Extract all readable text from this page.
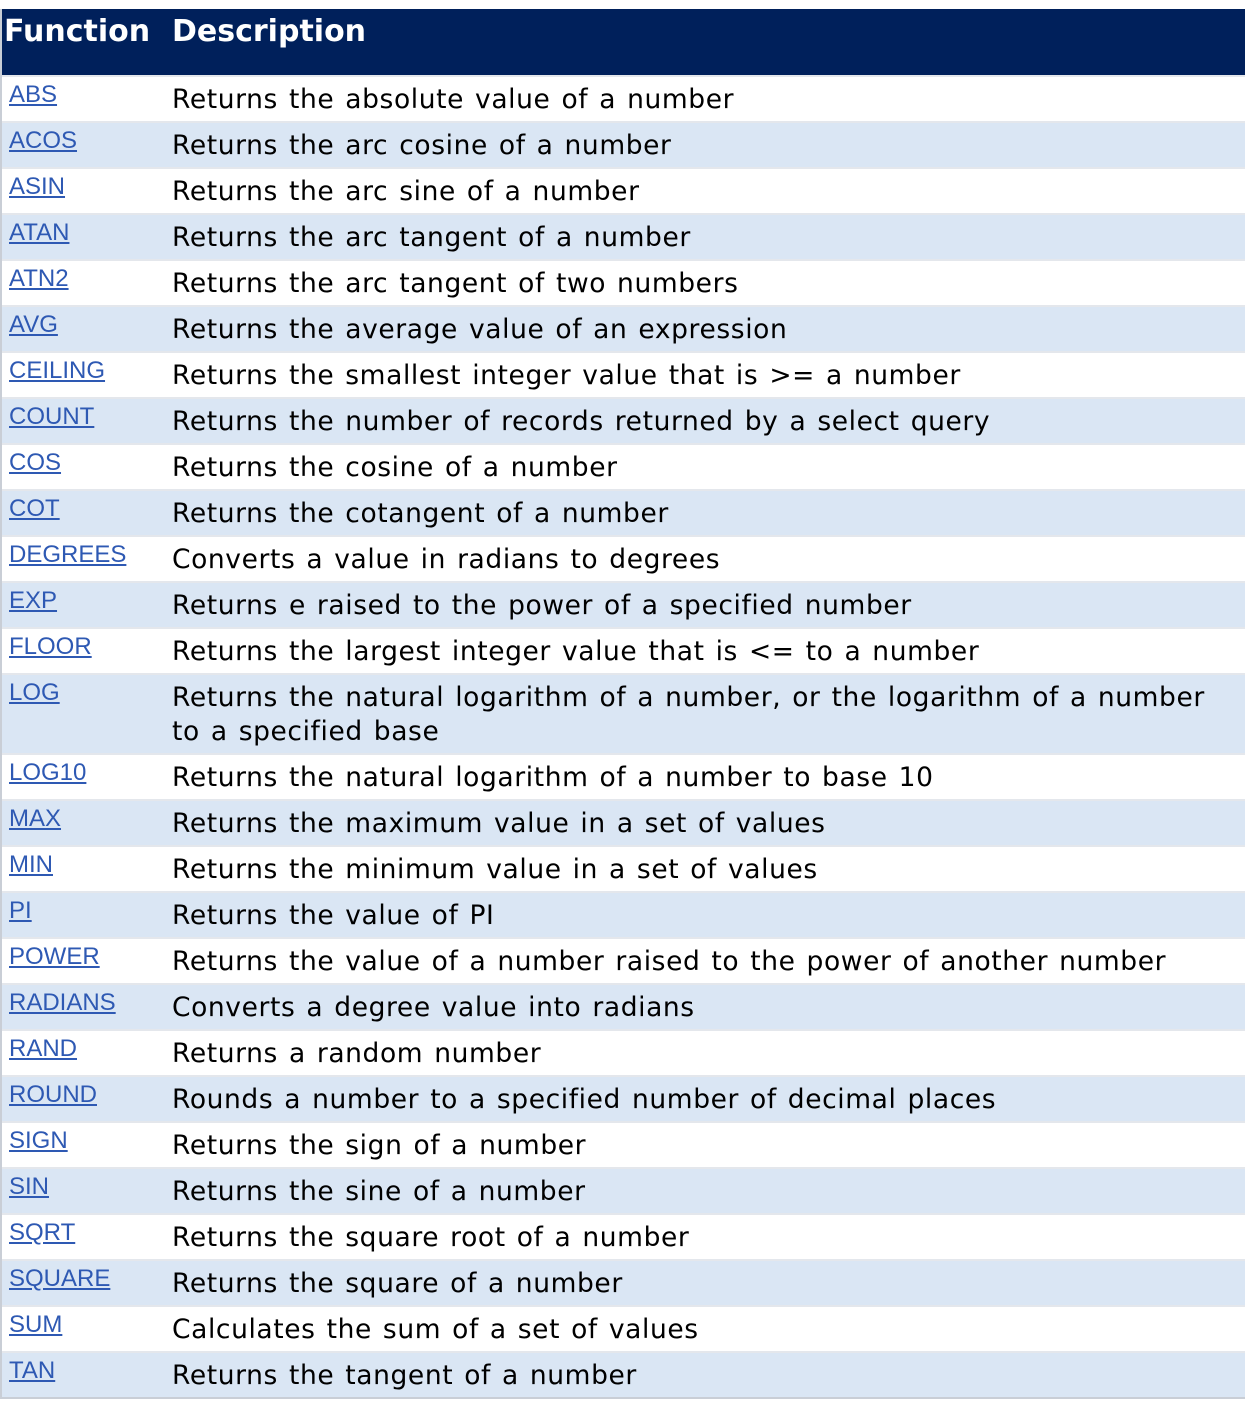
Function Description
ABS	Returns the absolute value of a number
ACOS	Returns the arc cosine of a number
ASIN	Returns the arc sine of a number
ATAN	Returns the arc tangent of a number
ATN2	Returns the arc tangent of two numbers
AVG	Returns the average value of an expression
CEILING	Returns the smallest integer value that is >= a number
COUNT	Returns the number of records returned by a select query
COS	Returns the cosine of a number
COT	Returns the cotangent of a number
DEGREES	Converts a value in radians to degrees
EXP	Returns e raised to the power of a specified number
FLOOR	Returns the largest integer value that is <= to a number
LOG	Returns the natural logarithm of a number, or the logarithm of a number to a specified base
LOG10	Returns the natural logarithm of a number to base 10
MAX	Returns the maximum value in a set of values
MIN	Returns the minimum value in a set of values
PI	Returns the value of PI
POWER	Returns the value of a number raised to the power of another number
RADIANS	Converts a degree value into radians
RAND	Returns a random number
ROUND	Rounds a number to a specified number of decimal places
SIGN	Returns the sign of a number
SIN	Returns the sine of a number
SQRT	Returns the square root of a number
SQUARE	Returns the square of a number
SUM	Calculates the sum of a set of values
TAN	Returns the tangent of a number
